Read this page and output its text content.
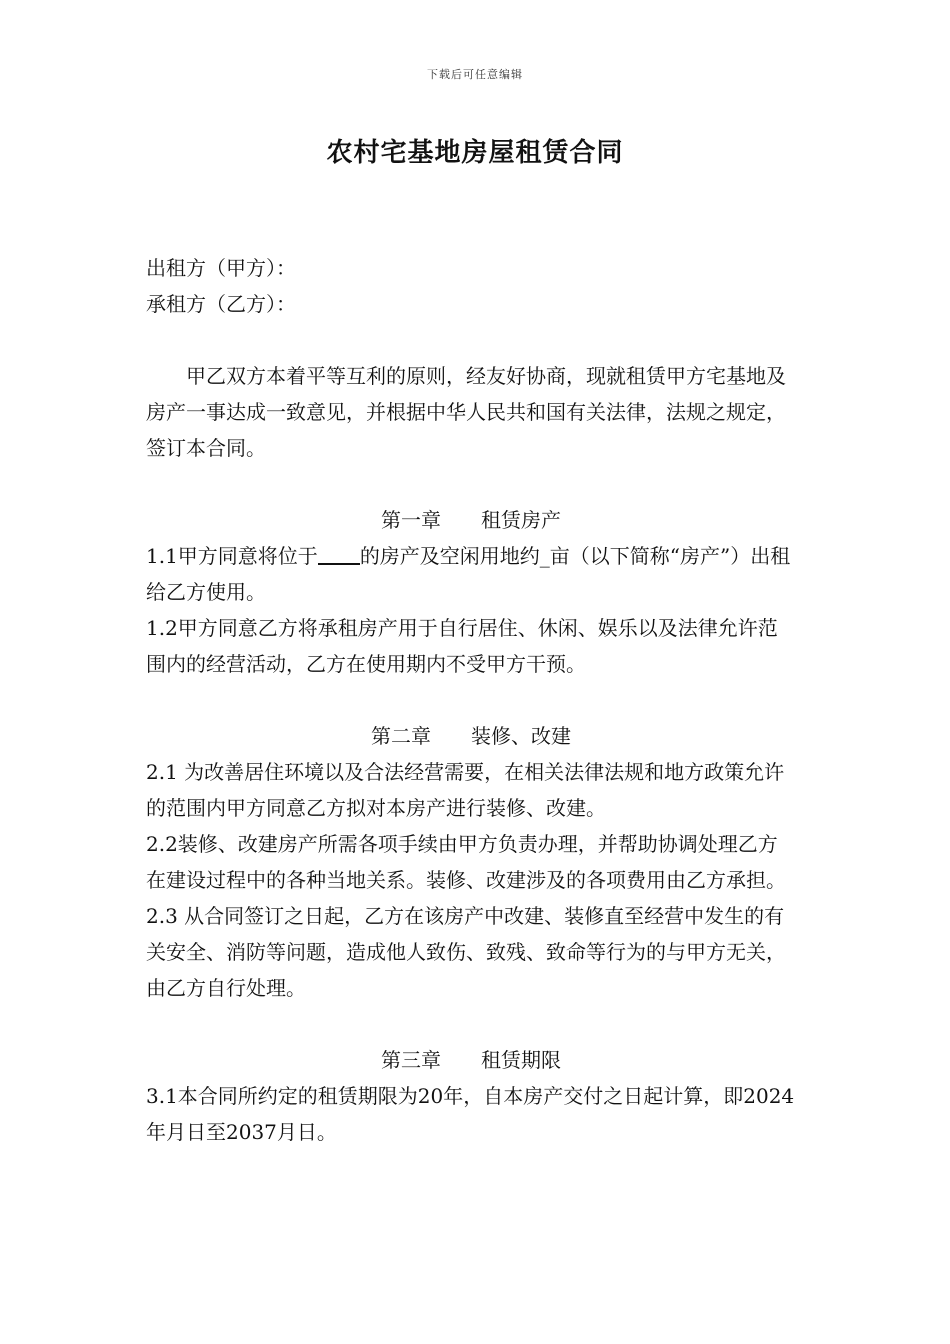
下载后可任意编辑
农村宅基地房屋租赁合同

出租方（甲方）：

承租方（乙方）：

甲乙双方本着平等互利的原则，经友好协商，现就租赁甲方宅基地及房产一事达成一致意见，并根据中华人民共和国有关法律，法规之规定，签订本合同。

第一章 租赁房产

1.1甲方同意将位于 的房产及空闲用地约_亩（以下简称“房产”）出租给乙方使用。

1.2甲方同意乙方将承租房产用于自行居住、休闲、娱乐以及法律允许范围内的经营活动，乙方在使用期内不受甲方干预。

第二章 装修、改建

2.1 为改善居住环境以及合法经营需要，在相关法律法规和地方政策允许的范围内甲方同意乙方拟对本房产进行装修、改建。

2.2装修、改建房产所需各项手续由甲方负责办理，并帮助协调处理乙方在建设过程中的各种当地关系。装修、改建涉及的各项费用由乙方承担。

2.3 从合同签订之日起，乙方在该房产中改建、装修直至经营中发生的有关安全、消防等问题，造成他人致伤、致残、致命等行为的与甲方无关，由乙方自行处理。

第三章 租赁期限

3.1本合同所约定的租赁期限为20年，自本房产交付之日起计算，即2024年月日至2037月日。
